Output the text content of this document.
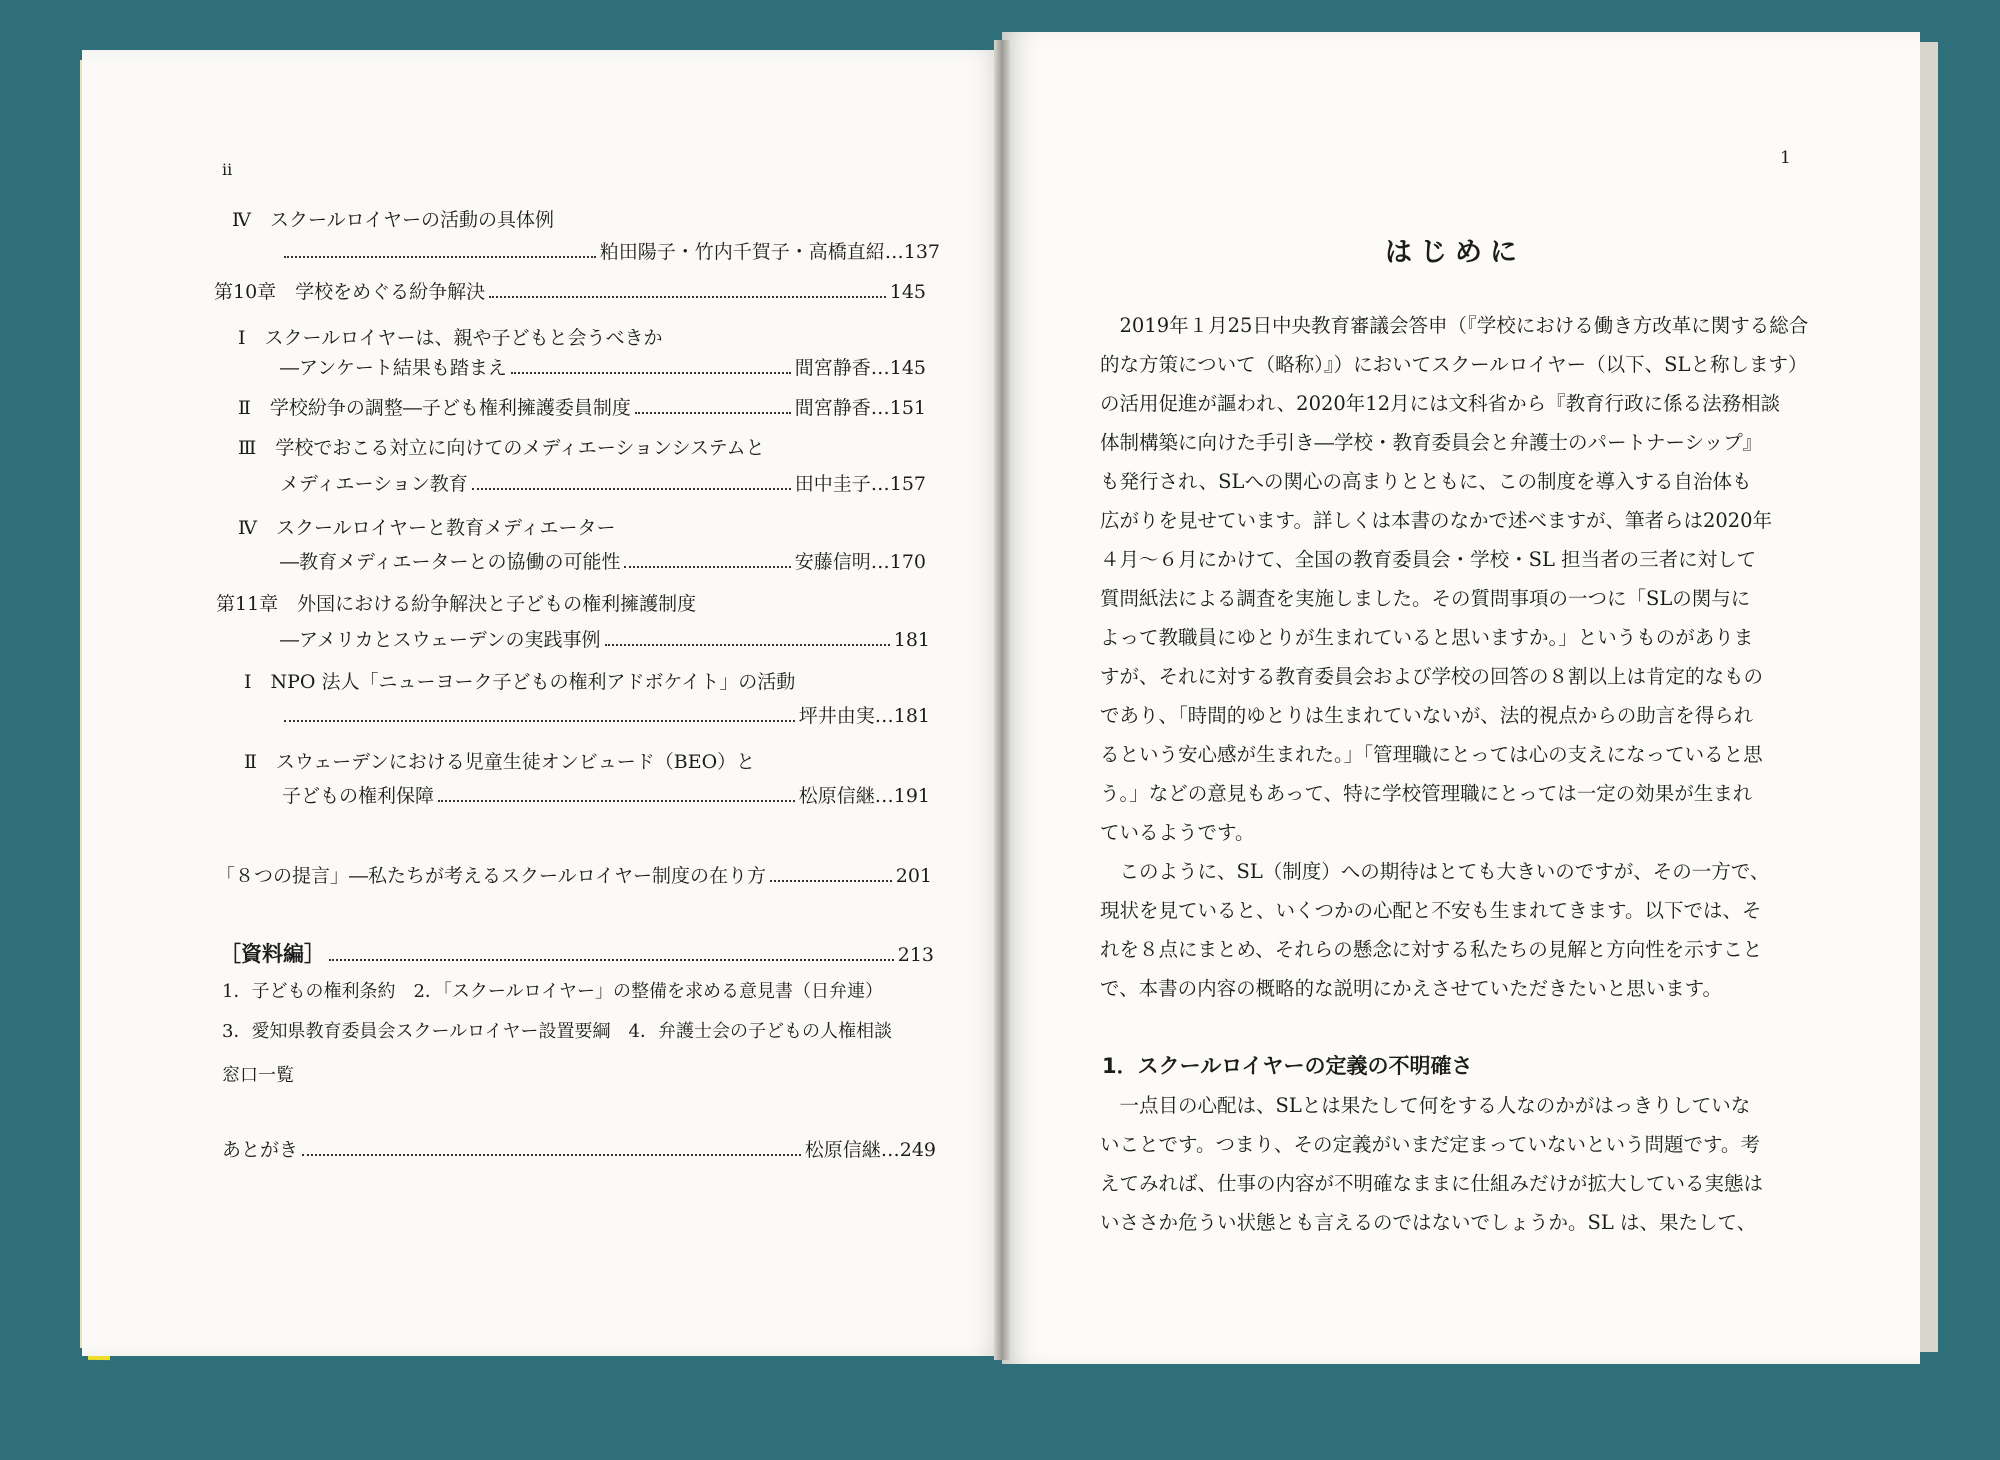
ii
Ⅳ　スクールロイヤーの活動の具体例
粕田陽子・竹内千賀子・高橋直紹 … 137
第10章　学校をめぐる紛争解決	145
Ⅰ　スクールロイヤーは、親や子どもと会うべきか
―アンケート結果も踏まえ	間宮静香 … 145
Ⅱ　学校紛争の調整―子ども権利擁護委員制度	間宮静香 … 151
Ⅲ　学校でおこる対立に向けてのメディエーションシステムと
メディエーション教育	田中圭子 … 157
Ⅳ　スクールロイヤーと教育メディエーター
―教育メディエーターとの協働の可能性	安藤信明 … 170
第11章　外国における紛争解決と子どもの権利擁護制度
―アメリカとスウェーデンの実践事例	181
Ⅰ　NPO 法人「ニューヨーク子どもの権利アドボケイト」の活動
坪井由実 … 181
Ⅱ　スウェーデンにおける児童生徒オンビュード（BEO）と
子どもの権利保障	松原信継 … 191
「８つの提言」―私たちが考えるスクールロイヤー制度の在り方	201
［資料編］	213
1．子どもの権利条約　2．「スクールロイヤー」の整備を求める意見書（日弁連）
3．愛知県教育委員会スクールロイヤー設置要綱　4．弁護士会の子どもの人権相談
窓口一覧
あとがき	松原信継 … 249
1
はじめに
　2019年１月25日中央教育審議会答申（『学校における働き方改革に関する総合
的な方策について（略称）』）においてスクールロイヤー（以下、SLと称します）
の活用促進が謳われ、2020年12月には文科省から『教育行政に係る法務相談
体制構築に向けた手引き―学校・教育委員会と弁護士のパートナーシップ』
も発行され、SLへの関心の高まりとともに、この制度を導入する自治体も
広がりを見せています。詳しくは本書のなかで述べますが、筆者らは2020年
４月～６月にかけて、全国の教育委員会・学校・SL 担当者の三者に対して
質問紙法による調査を実施しました。その質問事項の一つに「SLの関与に
よって教職員にゆとりが生まれていると思いますか。」というものがありま
すが、それに対する教育委員会および学校の回答の８割以上は肯定的なもの
であり、「時間的ゆとりは生まれていないが、法的視点からの助言を得られ
るという安心感が生まれた。」「管理職にとっては心の支えになっていると思
う。」などの意見もあって、特に学校管理職にとっては一定の効果が生まれ
ているようです。
　このように、SL（制度）への期待はとても大きいのですが、その一方で、
現状を見ていると、いくつかの心配と不安も生まれてきます。以下では、そ
れを８点にまとめ、それらの懸念に対する私たちの見解と方向性を示すこと
で、本書の内容の概略的な説明にかえさせていただきたいと思います。
1．スクールロイヤーの定義の不明確さ
　一点目の心配は、SLとは果たして何をする人なのかがはっきりしていな
いことです。つまり、その定義がいまだ定まっていないという問題です。考
えてみれば、仕事の内容が不明確なままに仕組みだけが拡大している実態は
いささか危うい状態とも言えるのではないでしょうか。SL は、果たして、
